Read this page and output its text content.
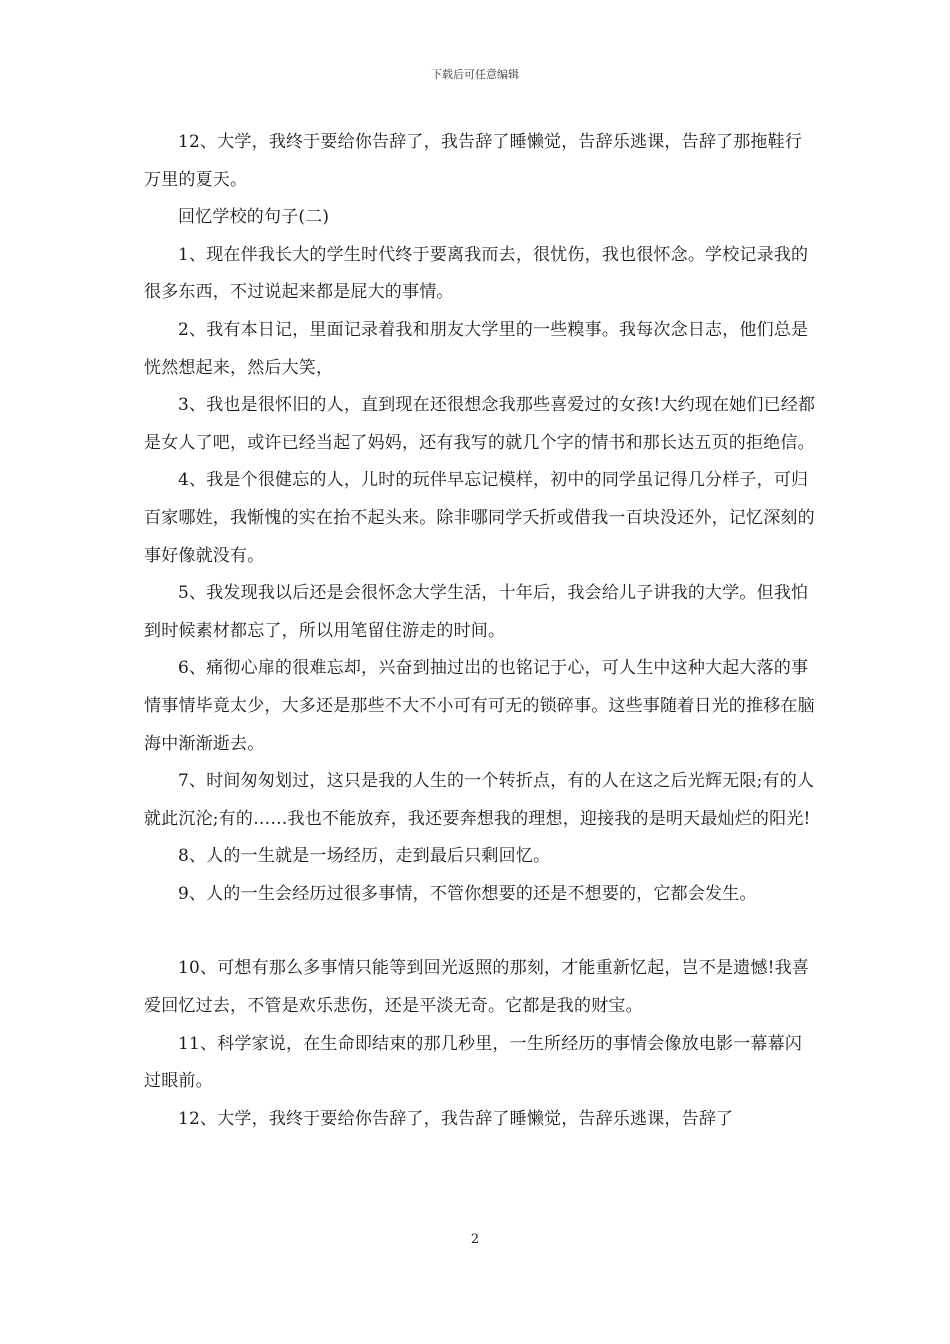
下载后可任意编辑

12、大学，我终于要给你告辞了，我告辞了睡懒觉，告辞乐逃课，告辞了那拖鞋行万里的夏天。

回忆学校的句子(二)

1、现在伴我长大的学生时代终于要离我而去，很忧伤，我也很怀念。学校记录我的很多东西，不过说起来都是屁大的事情。

2、我有本日记，里面记录着我和朋友大学里的一些糗事。我每次念日志，他们总是恍然想起来，然后大笑，

3、我也是很怀旧的人，直到现在还很想念我那些喜爱过的女孩!大约现在她们已经都是女人了吧，或许已经当起了妈妈，还有我写的就几个字的情书和那长达五页的拒绝信。

4、我是个很健忘的人，儿时的玩伴早忘记模样，初中的同学虽记得几分样子，可归百家哪姓，我惭愧的实在抬不起头来。除非哪同学夭折或借我一百块没还外，记忆深刻的事好像就没有。

5、我发现我以后还是会很怀念大学生活，十年后，我会给儿子讲我的大学。但我怕到时候素材都忘了，所以用笔留住游走的时间。

6、痛彻心扉的很难忘却，兴奋到抽过岀的也铭记于心，可人生中这种大起大落的事情事情毕竟太少，大多还是那些不大不小可有可无的锁碎事。这些事随着日光的推移在脑海中渐渐逝去。

7、时间匆匆划过，这只是我的人生的一个转折点，有的人在这之后光辉无限;有的人就此沉沦;有的……我也不能放弃，我还要奔想我的理想，迎接我的是明天最灿烂的阳光!

8、人的一生就是一场经历，走到最后只剩回忆。

9、人的一生会经历过很多事情，不管你想要的还是不想要的，它都会发生。

10、可想有那么多事情只能等到回光返照的那刻，才能重新忆起，岂不是遗憾!我喜爱回忆过去，不管是欢乐悲伤，还是平淡无奇。它都是我的财宝。

11、科学家说，在生命即结束的那几秒里，一生所经历的事情会像放电影一幕幕闪过眼前。

12、大学，我终于要给你告辞了，我告辞了睡懒觉，告辞乐逃课，告辞了

2
